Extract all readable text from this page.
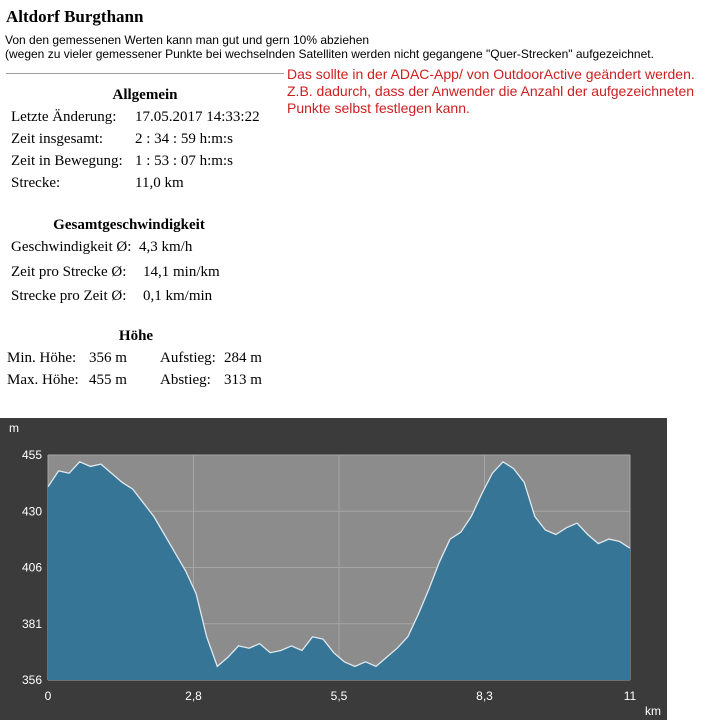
Altdorf Burgthann
Von den gemessenen Werten kann man gut und gern 10% abziehen
(wegen zu vieler gemessener Punkte bei wechselnden Satelliten werden nicht gegangene "Quer-Strecken" aufgezeichnet.
Das sollte in der ADAC-App/ von OutdoorActive geändert werden.
Z.B. dadurch, dass der Anwender die Anzahl der aufgezeichneten
Punkte selbst festlegen kann.
Allgemein
Letzte Änderung: 17.05.2017 14:33:22
Zeit insgesamt: 2 : 34 : 59 h:m:s
Zeit in Bewegung: 1 : 53 : 07 h:m:s
Strecke:	11,0 km
Gesamtgeschwindigkeit
Geschwindigkeit Ø: 4,3 km/h
Zeit pro Strecke Ø: 14,1 min/km
Strecke pro Zeit Ø: 0,1 km/min
Höhe
Min. Höhe: 356 m Aufstieg: 284 m
Max. Höhe: 455 m Abstieg: 313 m
m
km
455
430
406
381
356
0	2,8	5,5	8,3	11
